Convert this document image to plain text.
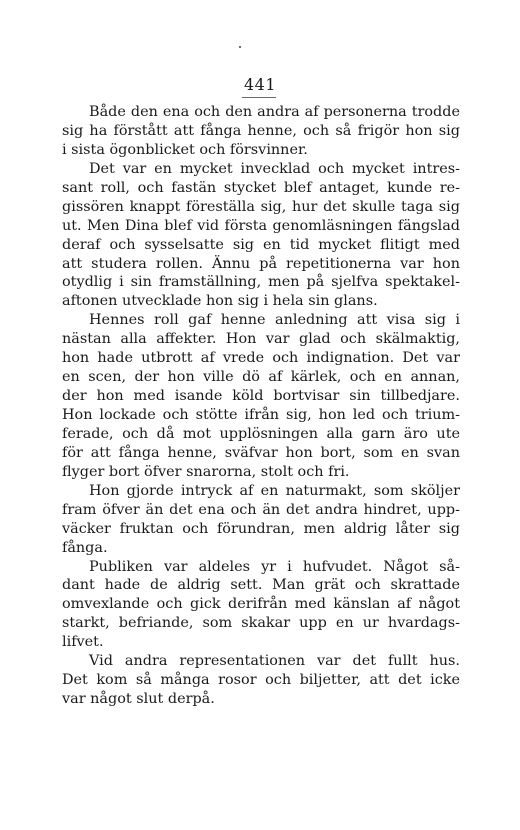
441
Både den ena och den andra af personerna trodde
sig ha förstått att fånga henne, och så frigör hon sig
i sista ögonblicket och försvinner.
Det var en mycket invecklad och mycket intres-
sant roll, och fastän stycket blef antaget, kunde re-
gissören knappt föreställa sig, hur det skulle taga sig
ut. Men Dina blef vid första genomläsningen fängslad
deraf och sysselsatte sig en tid mycket flitigt med
att studera rollen. Ännu på repetitionerna var hon
otydlig i sin framställning, men på sjelfva spektakel-
aftonen utvecklade hon sig i hela sin glans.
Hennes roll gaf henne anledning att visa sig i
nästan alla affekter. Hon var glad och skälmaktig,
hon hade utbrott af vrede och indignation. Det var
en scen, der hon ville dö af kärlek, och en annan,
der hon med isande köld bortvisar sin tillbedjare.
Hon lockade och stötte ifrån sig, hon led och trium-
ferade, och då mot upplösningen alla garn äro ute
för att fånga henne, sväfvar hon bort, som en svan
flyger bort öfver snarorna, stolt och fri.
Hon gjorde intryck af en naturmakt, som sköljer
fram öfver än det ena och än det andra hindret, upp-
väcker fruktan och förundran, men aldrig låter sig
fånga.
Publiken var aldeles yr i hufvudet. Något så-
dant hade de aldrig sett. Man grät och skrattade
omvexlande och gick derifrån med känslan af något
starkt, befriande, som skakar upp en ur hvardags-
lifvet.
Vid andra representationen var det fullt hus.
Det kom så många rosor och biljetter, att det icke
var något slut derpå.
